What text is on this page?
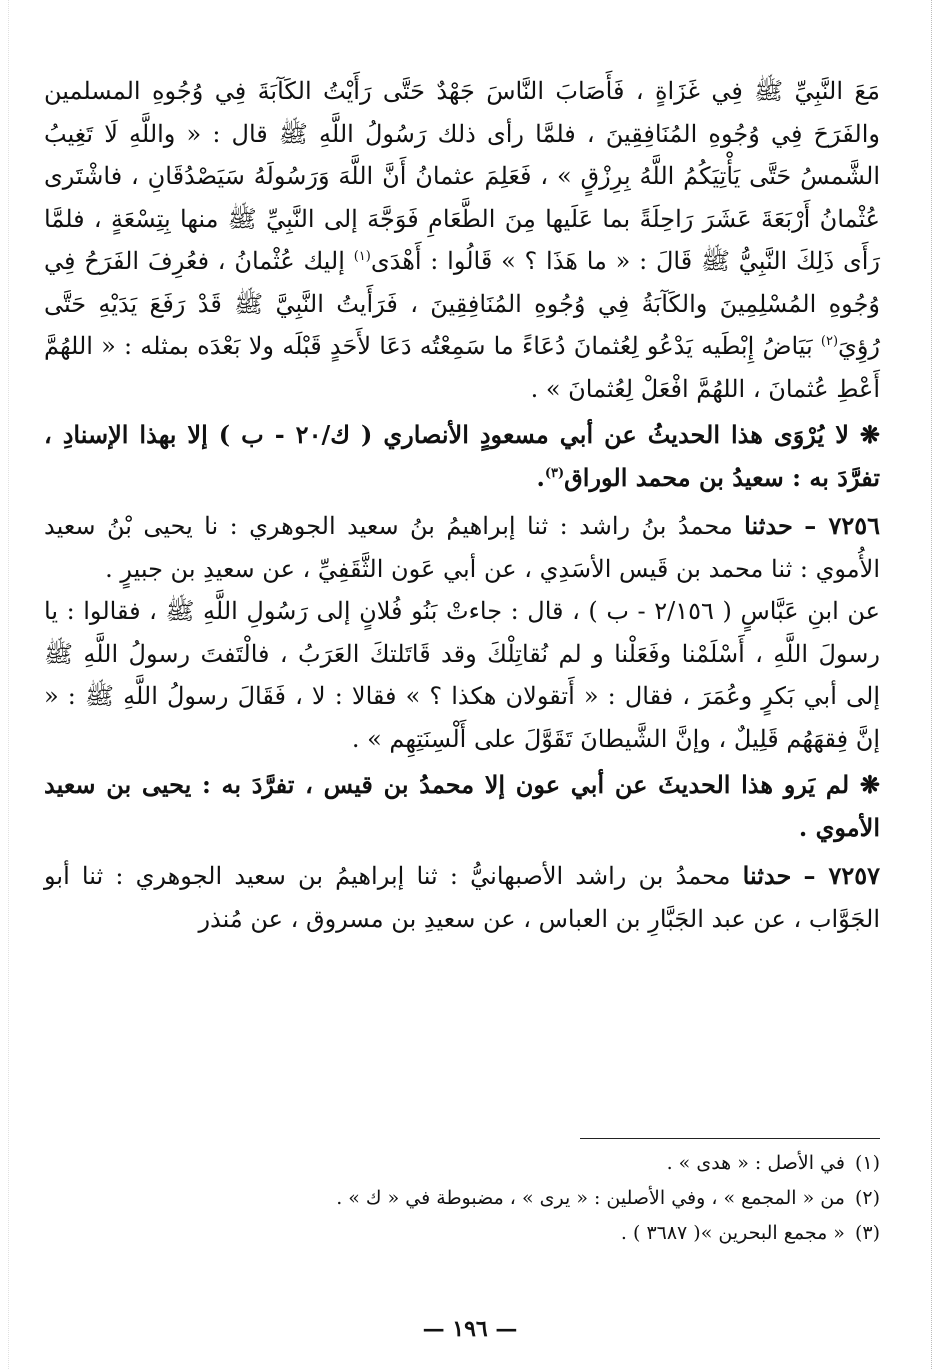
مَعَ النَّبِيِّ ﷺ فِي غَزَاةٍ ، فَأَصَابَ النَّاسَ جَهْدٌ حَتَّى رَأَيْتُ الكَآبَةَ فِي وُجُوهِ المسلمين والفَرَحَ فِي وُجُوهِ المُنَافِقِينَ ، فلمَّا رأى ذلك رَسُولُ اللَّهِ ﷺ قال : « واللَّهِ لَا تَغِيبُ الشَّمسُ حَتَّى يَأْتِيَكُمُ اللَّهُ بِرِزْقٍ » ، فَعَلِمَ عثمانُ أَنَّ اللَّهَ وَرَسُولَهُ سَيَصْدُقَانِ ، فاشْتَرى عُثْمانُ أَرْبَعَةَ عَشَرَ رَاحِلَةً بما عَلَيها مِنَ الطَّعَامِ فَوَجَّهَ إلى النَّبِيِّ ﷺ منها بِتِسْعَةٍ ، فلمَّا رَأَى ذَلِكَ النَّبِيُّ ﷺ قَالَ : « ما هَذَا ؟ » قَالُوا : أَهْدَى$^{(١)}$ إليك عُثْمانُ ، فعُرِفَ الفَرَحُ فِي وُجُوهِ المُسْلِمِينَ والكَآبَةُ فِي وُجُوهِ المُنَافِقِينَ ، فَرَأَيتُ النَّبِيَّ ﷺ قَدْ رَفَعَ يَدَيْهِ حَتَّى رُؤِيَ$^{(٢)}$ بَيَاضُ إِبْطَيه يَدْعُو لِعُثمانَ دُعَاءً ما سَمِعْتُه دَعَا لأَحَدٍ قَبْلَه ولا بَعْدَه بمثله : « اللهُمَّ أَعْطِ عُثمانَ ، اللهُمَّ افْعَلْ لِعُثمانَ » .

❋ لا يُرْوَى هذا الحديثُ عن أبي مسعودٍ الأنصاري ( ك/٢٠ - ب ) إلا بهذا الإسنادِ ، تفرَّدَ به : سعيدُ بن محمد الوراق$^{(٣)}$.

٧٢٥٦ – حدثنا محمدُ بنُ راشد : ثنا إبراهيمُ بنُ سعيد الجوهري : نا يحيى بْنُ سعيد الأُموي : ثنا محمد بن قَيس الأسَدِي ، عن أبي عَون الثَّقَفِيِّ ، عن سعيدِ بن جبيرٍ .

عن ابنِ عَبَّاسٍ ( ٢/١٥٦ - ب ) ، قال : جاءتْ بَنُو فُلانٍ إلى رَسُولِ اللَّهِ ﷺ ، فقالوا : يا رسولَ اللَّهِ ، أَسْلَمْنا وفَعَلْنا و لم نُقاتِلْكَ وقد قَاتَلتكَ العَرَبُ ، فالْتَفتَ رسولُ اللَّهِ ﷺ إلى أبي بَكرٍ وعُمَرَ ، فقال : « أَتقولان هكذا ؟ » فقالا : لا ، فَقَالَ رسولُ اللَّهِ ﷺ : « إنَّ فِقهَهُم قَلِيلٌ ، وإنَّ الشَّيطانَ تَقَوَّلَ على أَلْسِنَتِهِم » .

❋ لم يَرو هذا الحديثَ عن أبي عون إلا محمدُ بن قيس ، تفرَّدَ به : يحيى بن سعيد الأموي .

٧٢٥٧ – حدثنا محمدُ بن راشد الأصبهانيُّ : ثنا إبراهيمُ بن سعيد الجوهري : ثنا أبو الجَوَّاب ، عن عبد الجَبَّارِ بن العباس ، عن سعيدِ بن مسروق ، عن مُنذر

(١)في الأصل : « هدى » .

(٢)من « المجمع » ، وفي الأصلين : « يرى » ، مضبوطة في « ك » .

(٣)« مجمع البحرين »( ٣٦٨٧ ) .

— ١٩٦ —
